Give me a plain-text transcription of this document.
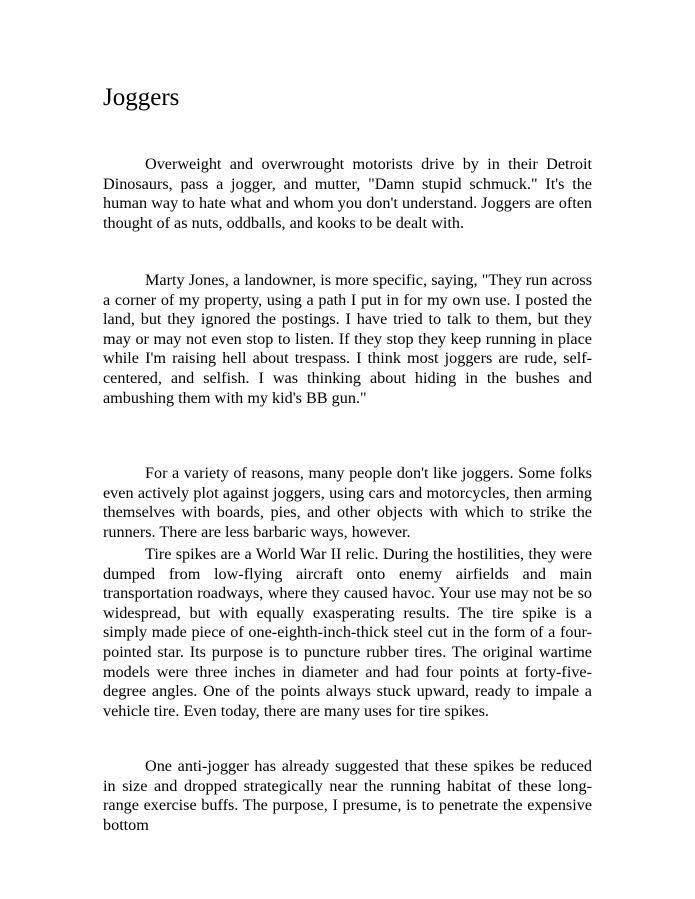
Joggers

Overweight and overwrought motorists drive by in their Detroit Dinosaurs, pass a jogger, and mutter, "Damn stupid schmuck." It's the human way to hate what and whom you don't understand. Joggers are often thought of as nuts, oddballs, and kooks to be dealt with.

Marty Jones, a landowner, is more specific, saying, "They run across a corner of my property, using a path I put in for my own use. I posted the land, but they ignored the postings. I have tried to talk to them, but they may or may not even stop to listen. If they stop they keep running in place while I'm raising hell about trespass. I think most joggers are rude, self-centered, and selfish. I was thinking about hiding in the bushes and ambushing them with my kid's BB gun."

For a variety of reasons, many people don't like joggers. Some folks even actively plot against joggers, using cars and motorcycles, then arming themselves with boards, pies, and other objects with which to strike the runners. There are less barbaric ways, however.

Tire spikes are a World War II relic. During the hostilities, they were dumped from low-flying aircraft onto enemy airfields and main transportation roadways, where they caused havoc. Your use may not be so widespread, but with equally exasperating results. The tire spike is a simply made piece of one-eighth-inch-thick steel cut in the form of a four-pointed star. Its purpose is to puncture rubber tires. The original wartime models were three inches in diameter and had four points at forty-five-degree angles. One of the points always stuck upward, ready to impale a vehicle tire. Even today, there are many uses for tire spikes.

One anti-jogger has already suggested that these spikes be reduced in size and dropped strategically near the running habitat of these long-range exercise buffs. The purpose, I presume, is to penetrate the expensive bottom
